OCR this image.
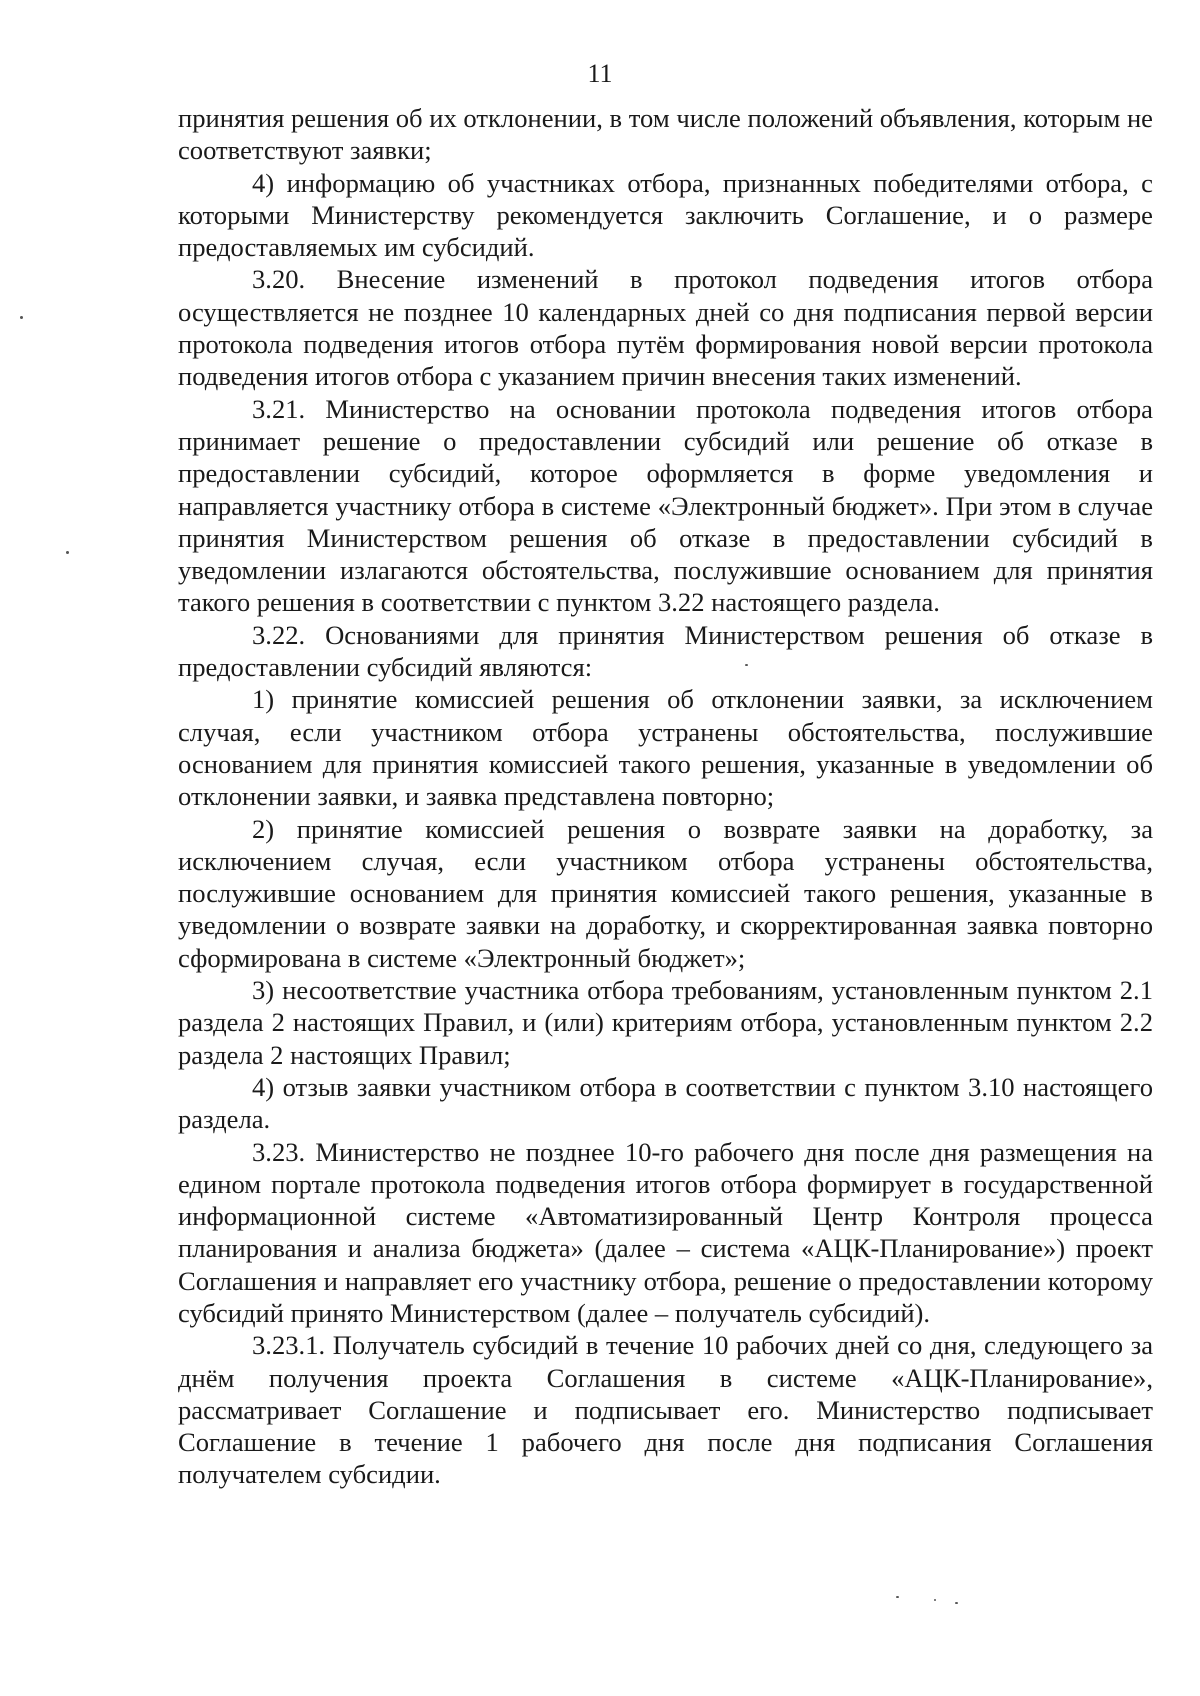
11

принятия решения об их отклонении, в том числе положений объявления, которым не соответствуют заявки;

4) информацию об участниках отбора, признанных победителями отбора, с которыми Министерству рекомендуется заключить Соглашение, и о размере предоставляемых им субсидий.

3.20. Внесение изменений в протокол подведения итогов отбора осуществляется не позднее 10 календарных дней со дня подписания первой версии протокола подведения итогов отбора путём формирования новой версии протокола подведения итогов отбора с указанием причин внесения таких изменений.

3.21. Министерство на основании протокола подведения итогов отбора принимает решение о предоставлении субсидий или решение об отказе в предоставлении субсидий, которое оформляется в форме уведомления и направляется участнику отбора в системе «Электронный бюджет». При этом в случае принятия Министерством решения об отказе в предоставлении субсидий в уведомлении излагаются обстоятельства, послужившие основанием для принятия такого решения в соответствии с пунктом 3.22 настоящего раздела.

3.22. Основаниями для принятия Министерством решения об отказе в предоставлении субсидий являются:

1) принятие комиссией решения об отклонении заявки, за исключением случая, если участником отбора устранены обстоятельства, послужившие основанием для принятия комиссией такого решения, указанные в уведомлении об отклонении заявки, и заявка представлена повторно;

2) принятие комиссией решения о возврате заявки на доработку, за исключением случая, если участником отбора устранены обстоятельства, послужившие основанием для принятия комиссией такого решения, указанные в уведомлении о возврате заявки на доработку, и скорректированная заявка повторно сформирована в системе «Электронный бюджет»;

3) несоответствие участника отбора требованиям, установленным пунктом 2.1 раздела 2 настоящих Правил, и (или) критериям отбора, установленным пунктом 2.2 раздела 2 настоящих Правил;

4) отзыв заявки участником отбора в соответствии с пунктом 3.10 настоящего раздела.

3.23. Министерство не позднее 10-го рабочего дня после дня размещения на едином портале протокола подведения итогов отбора формирует в государственной информационной системе «Автоматизированный Центр Контроля процесса планирования и анализа бюджета» (далее – система «АЦК-Планирование») проект Соглашения и направляет его участнику отбора, решение о предоставлении которому субсидий принято Министерством (далее – получатель субсидий).

3.23.1. Получатель субсидий в течение 10 рабочих дней со дня, следующего за днём получения проекта Соглашения в системе «АЦК-Планирование», рассматривает Соглашение и подписывает его. Министерство подписывает Соглашение в течение 1 рабочего дня после дня подписания Соглашения получателем субсидии.
